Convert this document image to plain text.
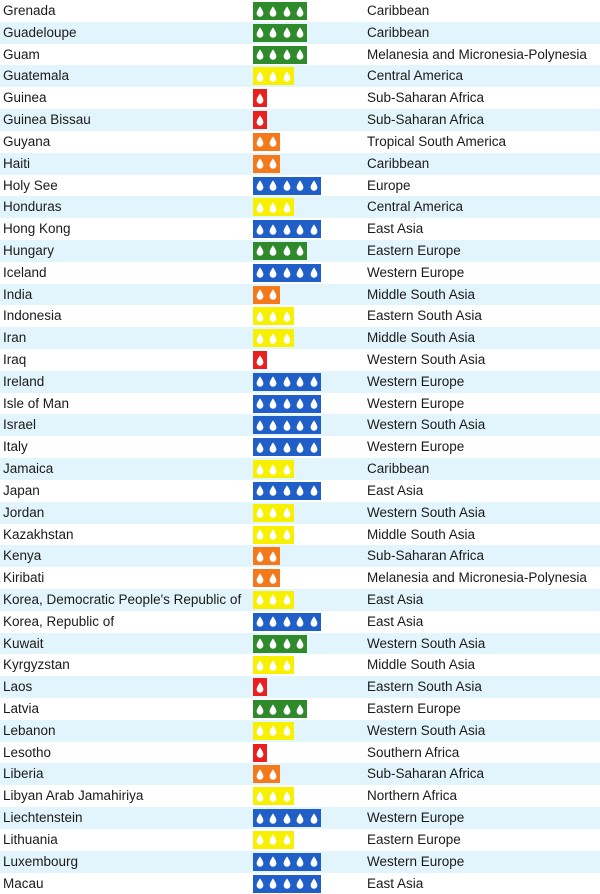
Grenada	Caribbean
Guadeloupe	Caribbean
Guam	Melanesia and Micronesia-Polynesia
Guatemala	Central America
Guinea	Sub-Saharan Africa
Guinea Bissau	Sub-Saharan Africa
Guyana	Tropical South America
Haiti	Caribbean
Holy See	Europe
Honduras	Central America
Hong Kong	East Asia
Hungary	Eastern Europe
Iceland	Western Europe
India	Middle South Asia
Indonesia	Eastern South Asia
Iran	Middle South Asia
Iraq	Western South Asia
Ireland	Western Europe
Isle of Man	Western Europe
Israel	Western South Asia
Italy	Western Europe
Jamaica	Caribbean
Japan	East Asia
Jordan	Western South Asia
Kazakhstan	Middle South Asia
Kenya	Sub-Saharan Africa
Kiribati	Melanesia and Micronesia-Polynesia
Korea, Democratic People's Republic of	East Asia
Korea, Republic of	East Asia
Kuwait	Western South Asia
Kyrgyzstan	Middle South Asia
Laos	Eastern South Asia
Latvia	Eastern Europe
Lebanon	Western South Asia
Lesotho	Southern Africa
Liberia	Sub-Saharan Africa
Libyan Arab Jamahiriya	Northern Africa
Liechtenstein	Western Europe
Lithuania	Eastern Europe
Luxembourg	Western Europe
Macau	East Asia
